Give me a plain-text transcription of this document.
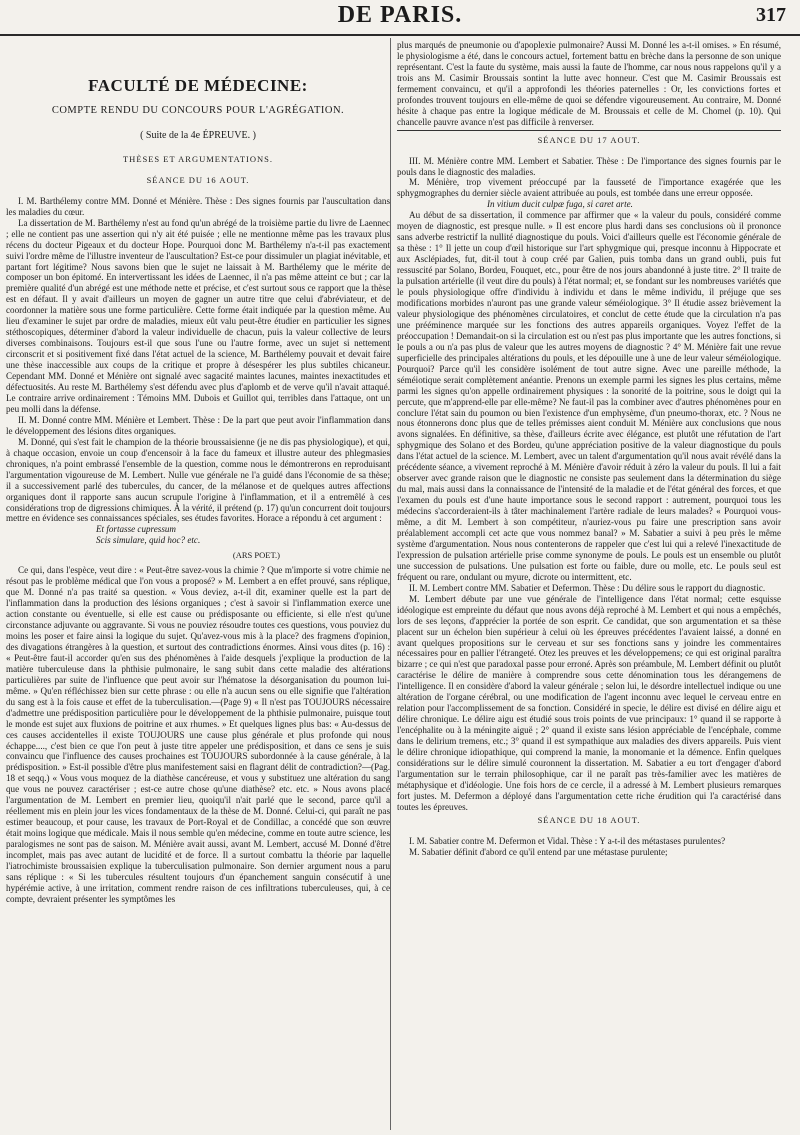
DE PARIS.	317

FACULTÉ DE MÉDECINE:

COMPTE RENDU DU CONCOURS POUR L'AGRÉGATION.

( Suite de la 4e ÉPREUVE. )

THÈSES ET ARGUMENTATIONS.

SÉANCE DU 16 AOUT.

I. M. Barthélemy contre MM. Donné et Ménière. Thèse : Des signes fournis par l'auscultation dans les maladies du cœur.

La dissertation de M. Barthélemy n'est au fond qu'un abrégé de la troisième partie du livre de Laennec ; elle ne contient pas une assertion qui n'y ait été puisée ; elle ne mentionne même pas les travaux plus récens du docteur Pigeaux et du docteur Hope. Pourquoi donc M. Barthélemy n'a-t-il pas exactement suivi l'ordre même de l'illustre inventeur de l'auscultation? Est-ce pour dissimuler un plagiat inévitable, et partant fort légitime? Nous savons bien que le sujet ne laissait à M. Barthélemy que le mérite de composer un bon épitomé. En intervertissant les idées de Laennec, il n'a pas même atteint ce but ; car la première qualité d'un abrégé est une méthode nette et précise, et c'est surtout sous ce rapport que la thèse est en défaut. Il y avait d'ailleurs un moyen de gagner un autre titre que celui d'abréviateur, et de coordonner la matière sous une forme particulière. Cette forme était indiquée par la question même. Au lieu d'examiner le sujet par ordre de maladies, mieux eût valu peut-être étudier en particulier les signes stéthoscopiques, déterminer d'abord la valeur individuelle de chacun, puis la valeur collective de leurs diverses combinaisons. Toujours est-il que sous l'une ou l'autre forme, avec un sujet si nettement circonscrit et si positivement fixé dans l'état actuel de la science, M. Barthélemy pouvait et devait faire une thèse inaccessible aux coups de la critique et propre à désespérer les plus subtiles chicaneur. Cependant MM. Donné et Ménière ont signalé avec sagacité maintes lacunes, maintes inexactitudes et défectuosités. Au reste M. Barthélemy s'est défendu avec plus d'aplomb et de verve qu'il n'avait attaqué. Le contraire arrive ordinairement : Témoins MM. Dubois et Guillot qui, terribles dans l'attaque, ont un peu molli dans la défense.

II. M. Donné contre MM. Ménière et Lembert. Thèse : De la part que peut avoir l'inflammation dans le développement des lésions dites organiques.

M. Donné, qui s'est fait le champion de la théorie broussaisienne (je ne dis pas physiologique), et qui, à chaque occasion, envoie un coup d'encensoir à la face du fameux et illustre auteur des phlegmasies chroniques, n'a point embrassé l'ensemble de la question, comme nous le démontrerons en reproduisant l'argumentation vigoureuse de M. Lembert. Nulle vue générale ne l'a guidé dans l'économie de sa thèse; il a successivement parlé des tubercules, du cancer, de la mélanose et de quelques autres affections organiques dont il rapporte sans aucun scrupule l'origine à l'inflammation, et il a entremêlé à ces considérations trop de digressions chimiques. À la vérité, il prétend (p. 17) qu'un concurrent doit toujours mettre en évidence ses connaissances spéciales, ses études favorites. Horace a répondu à cet argument :

Et fortasse cupressum

Scis simulare, quid hoc? etc.

(ARS POET.)

Ce qui, dans l'espèce, veut dire : « Peut-être savez-vous la chimie ? Que m'importe si votre chimie ne résout pas le problème médical que l'on vous a proposé? » M. Lembert a en effet prouvé, sans réplique, que M. Donné n'a pas traité sa question. « Vous deviez, a-t-il dit, examiner quelle est la part de l'inflammation dans la production des lésions organiques ; c'est à savoir si l'inflammation exerce une action constante ou éventuelle, si elle est cause ou prédisposante ou efficiente, si elle n'est qu'une circonstance adjuvante ou aggravante. Si vous ne pouviez résoudre toutes ces questions, vous pouviez du moins les poser et faire ainsi la logique du sujet. Qu'avez-vous mis à la place? des fragmens d'opinion, des divagations étrangères à la question, et surtout des contradictions énormes. Ainsi vous dites (p. 16) : « Peut-être faut-il accorder qu'en sus des phénomènes à l'aide desquels j'explique la production de la matière tuberculeuse dans la phthisie pulmonaire, le sang subit dans cette maladie des altérations particulières par suite de l'influence que peut avoir sur l'hématose la désorganisation du poumon lui-même. » Qu'en réfléchissez bien sur cette phrase : ou elle n'a aucun sens ou elle signifie que l'altération du sang est à la fois cause et effet de la tuberculisation.—(Page 9) « Il n'est pas TOUJOURS nécessaire d'admettre une prédisposition particulière pour le développement de la phthisie pulmonaire, puisque tout le monde est sujet aux fluxions de poitrine et aux rhumes. » Et quelques lignes plus bas: « Au-dessus de ces causes accidentelles il existe TOUJOURS une cause plus générale et plus profonde qui nous échappe...., c'est bien ce que l'on peut à juste titre appeler une prédisposition, et dans ce sens je suis convaincu que l'influence des causes prochaines est TOUJOURS subordonnée à la cause générale, à la prédisposition. » Est-il possible d'être plus manifestement saisi en flagrant délit de contradiction?—(Pag. 18 et seqq.) « Vous vous moquez de la diathèse cancéreuse, et vous y substituez une altération du sang que vous ne pouvez caractériser ; est-ce autre chose qu'une diathèse? etc. etc. » Nous avons placé l'argumentation de M. Lembert en premier lieu, quoiqu'il n'ait parlé que le second, parce qu'il a réellement mis en plein jour les vices fondamentaux de la thèse de M. Donné. Celui-ci, qui paraît ne pas estimer beaucoup, et pour cause, les travaux de Port-Royal et de Condillac, a concédé que son œuvre était moins logique que médicale. Mais il nous semble qu'en médecine, comme en toute autre science, les paralogismes ne sont pas de saison. M. Ménière avait aussi, avant M. Lembert, accusé M. Donné d'être incomplet, mais pas avec autant de lucidité et de force. Il a surtout combattu la théorie par laquelle l'iatrochimiste broussaisien explique la tuberculisation pulmonaire. Son dernier argument nous a paru sans réplique : « Si les tubercules résultent toujours d'un épanchement sanguin consécutif à une hypérémie active, à une irritation, comment rendre raison de ces infiltrations tuberculeuses, qui, à ce compte, devraient présenter les symptômes les

plus marqués de pneumonie ou d'apoplexie pulmonaire? Aussi M. Donné les a-t-il omises. » En résumé, le physiologisme a été, dans le concours actuel, fortement battu en brèche dans la personne de son unique représentant. C'est la faute du système, mais aussi la faute de l'homme, car nous nous rappelons qu'il y a trois ans M. Casimir Broussais sontint la lutte avec honneur. C'est que M. Casimir Broussais est fermement convaincu, et qu'il a approfondi les théories paternelles : Or, les convictions fortes et profondes trouvent toujours en elle-même de quoi se défendre vigoureusement. Au contraire, M. Donné hésite à chaque pas entre la logique médicale de M. Broussais et celle de M. Chomel (p. 10). Qui chancelle pauvre avance n'est pas difficile à renverser.

SÉANCE DU 17 AOUT.

III. M. Ménière contre MM. Lembert et Sabatier. Thèse : De l'importance des signes fournis par le pouls dans le diagnostic des maladies.

M. Ménière, trop vivement préoccupé par la fausseté de l'importance exagérée que les sphygmographes du dernier siècle avaient attribuée au pouls, est tombée dans une erreur opposée.

In vitium ducit culpæ fuga, si caret arte.

Au début de sa dissertation, il commence par affirmer que « la valeur du pouls, considéré comme moyen de diagnostic, est presque nulle. » Il est encore plus hardi dans ses conclusions où il prononce sans adverbe restrictif la nullité diagnostique du pouls. Voici d'ailleurs quelle est l'économie générale de sa thèse : 1° Il jette un coup d'œil historique sur l'art sphygmique qui, presque inconnu à Hippocrate et aux Asclépiades, fut, dit-il tout à coup créé par Galien, puis tomba dans un grand oubli, puis fut ressuscité par Solano, Bordeu, Fouquet, etc., pour être de nos jours abandonné à juste titre. 2° Il traite de la pulsation artérielle (il veut dire du pouls) à l'état normal; et, se fondant sur les nombreuses variétés que le pouls physiologique offre d'individu à individu et dans le même individu, il préjuge que ses modifications morbides n'auront pas une grande valeur séméiologique. 3° Il étudie assez brièvement la valeur physiologique des phénomènes circulatoires, et conclut de cette étude que la circulation n'a pas une prééminence marquée sur les fonctions des autres appareils organiques. Voyez l'effet de la préoccupation ! Demandait-on si la circulation est ou n'est pas plus importante que les autres fonctions, si le pouls a ou n'a pas plus de valeur que les autres moyens de diagnostic ? 4° M. Ménière fait une revue superficielle des principales altérations du pouls, et les dépouille une à une de leur valeur séméiologique. Pourquoi? Parce qu'il les considère isolément de tout autre signe. Avec une pareille méthode, la séméiotique serait complètement anéantie. Prenons un exemple parmi les signes les plus certains, même parmi les signes qu'on appelle ordinairement physiques : la sonorité de la poitrine, sous le doigt qui la percute, que m'apprend-elle par elle-même? Ne faut-il pas la combiner avec d'autres phénomènes pour en conclure l'état sain du poumon ou bien l'existence d'un emphysème, d'un pneumo-thorax, etc. ? Nous ne nous étonnerons donc plus que de telles prémisses aient conduit M. Ménière aux conclusions que nous avons signalées. En définitive, sa thèse, d'ailleurs écrite avec élégance, est plutôt une réfutation de l'art sphygmique des Solano et des Bordeu, qu'une appréciation positive de la valeur diagnostique du pouls dans l'état actuel de la science. M. Lembert, avec un talent d'argumentation qu'il nous avait révélé dans la précédente séance, a vivement reproché à M. Ménière d'avoir réduit à zéro la valeur du pouls. Il lui a fait observer avec grande raison que le diagnostic ne consiste pas seulement dans la détermination du siège du mal, mais aussi dans la connaissance de l'intensité de la maladie et de l'état général des forces, et que l'examen du pouls est d'une haute importance sous le second rapport : autrement, pourquoi tous les médecins s'accorderaient-ils à tâter machinalement l'artère radiale de leurs malades? « Pourquoi vous-même, a dit M. Lembert à son compétiteur, n'auriez-vous pu faire une prescription sans avoir préalablement accompli cet acte que vous nommez banal? » M. Sabatier a suivi à peu près le même système d'argumentation. Nous nous contenterons de rappeler que c'est lui qui a relevé l'inexactitude de l'expression de pulsation artérielle prise comme synonyme de pouls. Le pouls est un ensemble ou plutôt une succession de pulsations. Une pulsation est forte ou faible, dure ou molle, etc. Le pouls seul est fréquent ou rare, ondulant ou myure, dicrote ou intermittent, etc.

II. M. Lembert contre MM. Sabatier et Defermon. Thèse : Du délire sous le rapport du diagnostic.

M. Lembert débute par une vue générale de l'intelligence dans l'état normal; cette esquisse idéologique est empreinte du défaut que nous avons déjà reproché à M. Lembert et qui nous a empêchés, lors de ses leçons, d'apprécier la portée de son esprit. Ce candidat, que son argumentation et sa thèse placent sur un échelon bien supérieur à celui où les épreuves précédentes l'avaient laissé, a donné en avant quelques propositions sur le cerveau et sur ses fonctions sans y joindre les commentaires nécessaires pour en pallier l'étrangeté. Otez les preuves et les développemens; ce qui est original paraîtra bizarre ; ce qui n'est que paradoxal passe pour erroné. Après son préambule, M. Lembert définit ou plutôt caractérise le délire de manière à comprendre sous cette dénomination tous les dérangemens de l'intelligence. Il en considère d'abord la valeur générale ; selon lui, le désordre intellectuel indique ou une altération de l'organe cérébral, ou une modification de l'agent inconnu avec lequel le cerveau entre en relation pour l'accomplissement de sa fonction. Considéré in specie, le délire est divisé en délire aigu et délire chronique. Le délire aigu est étudié sous trois points de vue principaux: 1° quand il se rapporte à l'encéphalite ou à la méningite aiguë ; 2° quand il existe sans lésion appréciable de l'encéphale, comme dans le delirium tremens, etc.; 3° quand il est sympathique aux maladies des divers appareils. Puis vient le délire chronique idiopathique, qui comprend la manie, la monomanie et la démence. Enfin quelques considérations sur le délire simulé couronnent la dissertation. M. Sabatier a eu tort d'engager d'abord l'argumentation sur le terrain philosophique, car il ne paraît pas très-familier avec les matières de métaphysique et d'idéologie. Une fois hors de ce cercle, il a adressé à M. Lembert plusieurs remarques fort justes. M. Defermon a déployé dans l'argumentation cette riche érudition qui l'a caractérisé dans toutes les épreuves.

SÉANCE DU 18 AOUT.

I. M. Sabatier contre M. Defermon et Vidal. Thèse : Y a-t-il des métastases purulentes?

M. Sabatier définit d'abord ce qu'il entend par une métastase purulente;
